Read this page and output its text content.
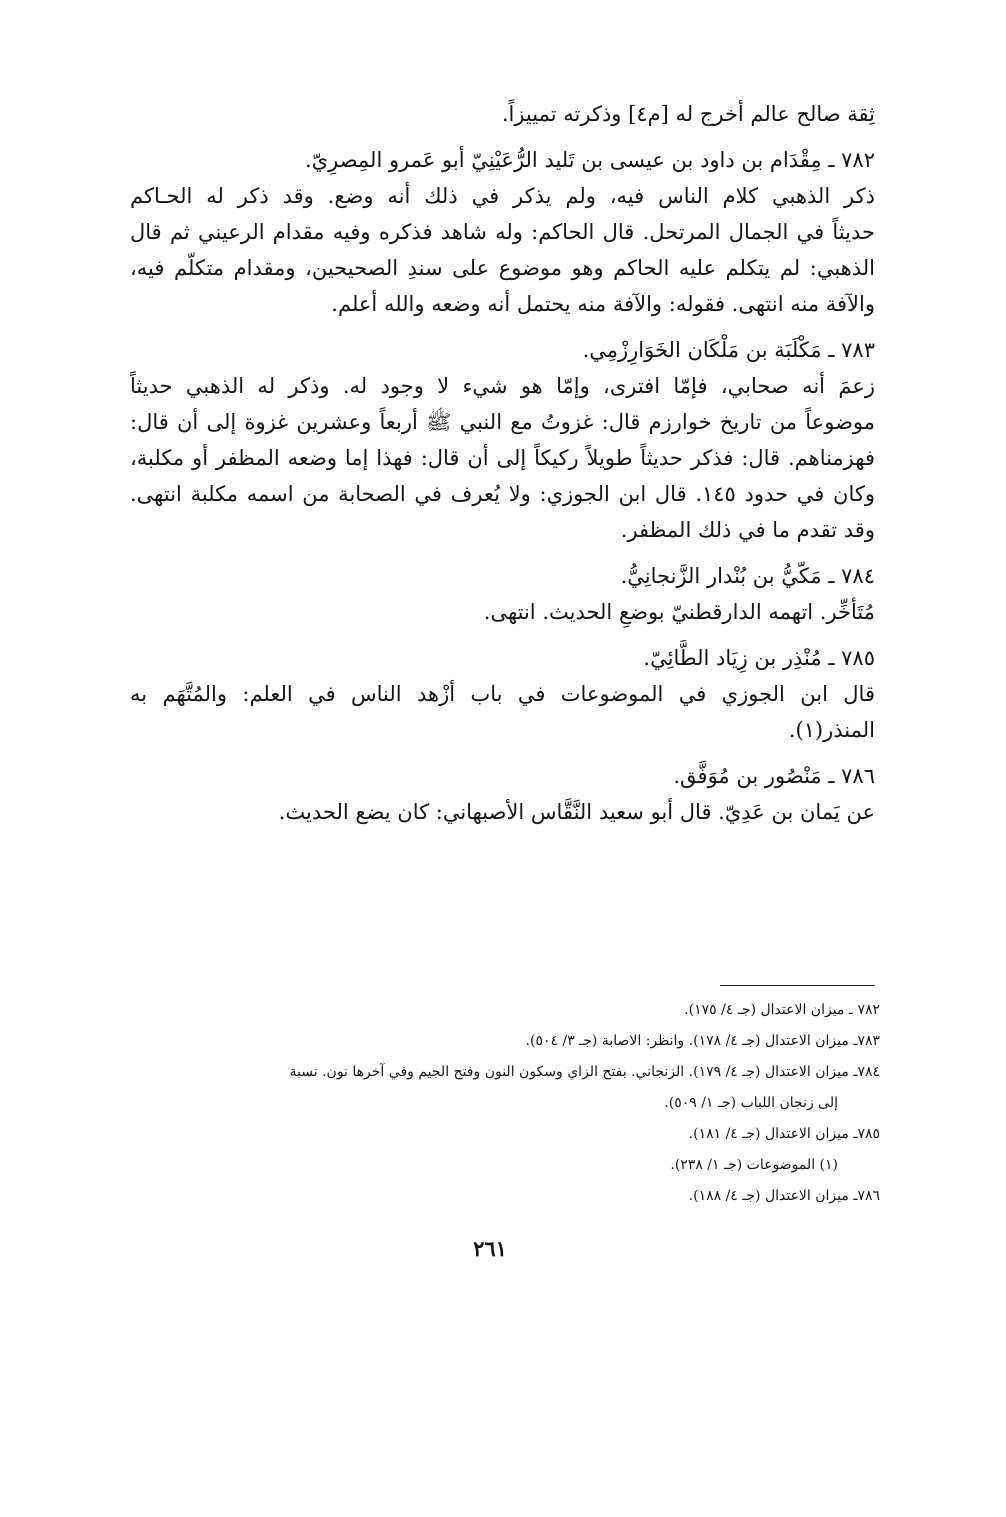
ثِقة صالح عالم أخرج له [م٤] وذكرته تمييزاً.
٧٨٢ ـ مِقْدَام بن داود بن عيسى بن تَليد الرُّعَيْنِيّ أبو عَمرو المِصرِيّ.
ذكر الذهبي كلام الناس فيه، ولم يذكر في ذلك أنه وضع. وقد ذكر له الحـاكم
حديثاً في الجمال المرتحل. قال الحاكم: وله شاهد فذكره وفيه مقدام الرعيني ثم قال
الذهبي: لم يتكلم عليه الحاكم وهو موضوع على سندِ الصحيحين، ومقدام متكلّم فيه،
والآفة منه انتهى. فقوله: والآفة منه يحتمل أنه وضعه والله أعلم.
٧٨٣ ـ مَكْلَبَة بن مَلْكَان الخَوَارِزْمِي.
زعمَ أنه صحابي، فإمّا افترى، وإمّا هو شيء لا وجود له. وذكر له الذهبي حديثاً
موضوعاً من تاريخ خوارزم قال: غزوتُ مع النبي ﷺ أربعاً وعشرين غزوة إلى أن قال:
فهزمناهم. قال: فذكر حديثاً طويلاً ركيكاً إلى أن قال: فهذا إما وضعه المظفر أو مكلبة،
وكان في حدود ١٤٥. قال ابن الجوزي: ولا يُعرف في الصحابة من اسمه مكلبة انتهى.
وقد تقدم ما في ذلك المظفر.
٧٨٤ ـ مَكّيُّ بن بُنْدار الزَّنجانِيُّ.
مُتَأخِّر. اتهمه الدارقطنيّ بوضعِ الحديث. انتهى.
٧٨٥ ـ مُنْذِر بن زِيَاد الطَّائِيّ.
قال ابن الجوزي في الموضوعات في باب أزْهد الناس في العلم: والمُتَّهَم به
المنذر(١).
٧٨٦ ـ مَنْصُور بن مُوَفَّق.
عن يَمان بن عَدِيّ. قال أبو سعيد النَّقَّاس الأصبهاني: كان يضع الحديث.
٧٨٢ ـ ميزان الاعتدال (جـ ٤/ ١٧٥).
٧٨٣ـ ميزان الاعتدال (جـ ٤/ ١٧٨). وانظر: الاصابة (جـ ٣/ ٥٠٤).
٧٨٤ـ ميزان الاعتدال (جـ ٤/ ١٧٩). الزنجاني. بفتح الزاي وسكون النون وفتح الجيم وفي آخرها نون. نسبة
إلى زنجان اللباب (جـ ١/ ٥٠٩).
٧٨٥ـ ميزان الاعتدال (جـ ٤/ ١٨١).
(١) الموضوعات (جـ ١/ ٢٣٨).
٧٨٦ـ ميزان الاعتدال (جـ ٤/ ١٨٨).
٢٦١
